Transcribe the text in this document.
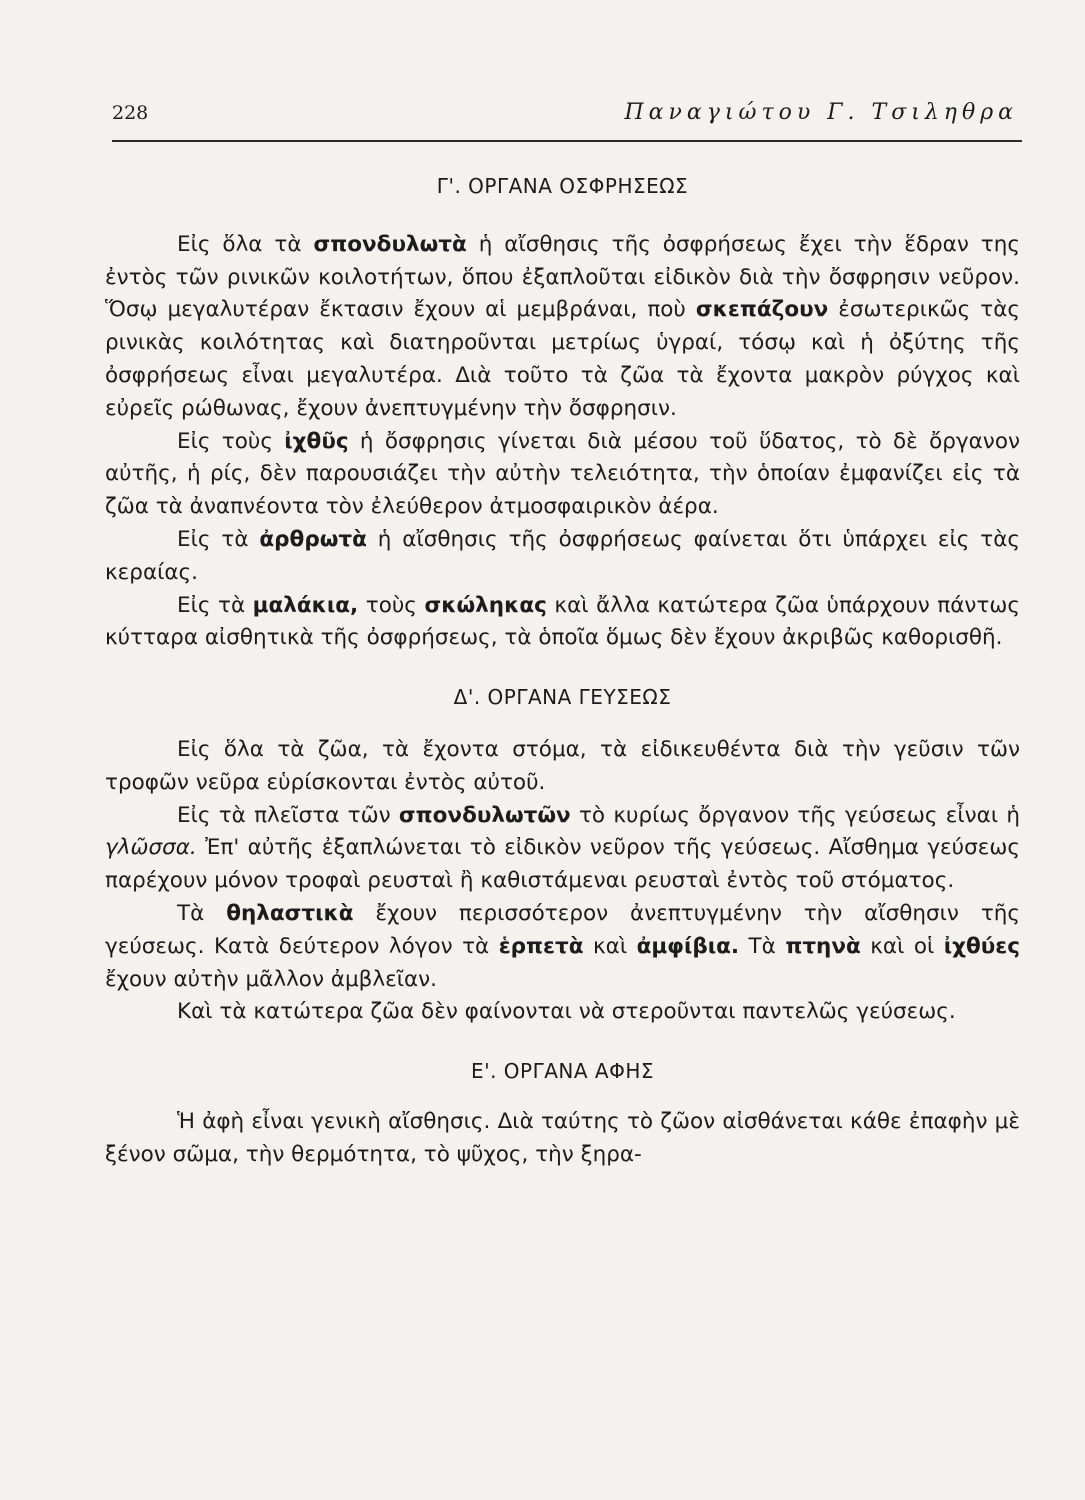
228	Παναγιώτου Γ. Τσιληθρα
Γ'. ΟΡΓΑΝΑ ΟΣΦΡΗΣΕΩΣ

Εἰς ὅλα τὰ σπονδυλωτὰ ἡ αἴσθησις τῆς ὀσφρήσεως ἔχει τὴν ἕδραν της ἐντὸς τῶν ρινικῶν κοιλοτήτων, ὅπου ἐξαπλοῦται εἰδικὸν διὰ τὴν ὄσφρησιν νεῦρον. Ὅσῳ μεγαλυτέραν ἔκτασιν ἔχουν αἱ μεμβράναι, ποὺ σκεπάζουν ἐσωτερικῶς τὰς ρινικὰς κοιλότητας καὶ διατηροῦνται μετρίως ὑγραί, τόσῳ καὶ ἡ ὀξύτης τῆς ὀσφρήσεως εἶναι μεγαλυτέρα. Διὰ τοῦτο τὰ ζῶα τὰ ἔχοντα μακρὸν ρύγχος καὶ εὐρεῖς ρώθωνας, ἔχουν ἀνεπτυγμένην τὴν ὄσφρησιν.

Εἰς τοὺς ἰχθῦς ἡ ὄσφρησις γίνεται διὰ μέσου τοῦ ὕδατος, τὸ δὲ ὄργανον αὐτῆς, ἡ ρίς, δὲν παρουσιάζει τὴν αὐτὴν τελειότητα, τὴν ὁποίαν ἐμφανίζει εἰς τὰ ζῶα τὰ ἀναπνέοντα τὸν ἐλεύθερον ἀτμοσφαιρικὸν ἀέρα.

Εἰς τὰ ἀρθρωτὰ ἡ αἴσθησις τῆς ὀσφρήσεως φαίνεται ὅτι ὑπάρχει εἰς τὰς κεραίας.

Εἰς τὰ μαλάκια, τοὺς σκώληκας καὶ ἄλλα κατώτερα ζῶα ὑπάρχουν πάντως κύτταρα αἰσθητικὰ τῆς ὀσφρήσεως, τὰ ὁποῖα ὅμως δὲν ἔχουν ἀκριβῶς καθορισθῆ.

Δ'. ΟΡΓΑΝΑ ΓΕΥΣΕΩΣ

Εἰς ὅλα τὰ ζῶα, τὰ ἔχοντα στόμα, τὰ εἰδικευθέντα διὰ τὴν γεῦσιν τῶν τροφῶν νεῦρα εὑρίσκονται ἐντὸς αὐτοῦ.

Εἰς τὰ πλεῖστα τῶν σπονδυλωτῶν τὸ κυρίως ὄργανον τῆς γεύσεως εἶναι ἡ γλῶσσα. Ἐπ' αὐτῆς ἐξαπλώνεται τὸ εἰδικὸν νεῦρον τῆς γεύσεως. Αἴσθημα γεύσεως παρέχουν μόνον τροφαὶ ρευσταὶ ἢ καθιστάμεναι ρευσταὶ ἐντὸς τοῦ στόματος.

Τὰ θηλαστικὰ ἔχουν περισσότερον ἀνεπτυγμένην τὴν αἴσθησιν τῆς γεύσεως. Κατὰ δεύτερον λόγον τὰ ἑρπετὰ καὶ ἀμφίβια. Τὰ πτηνὰ καὶ οἱ ἰχθύες ἔχουν αὐτὴν μᾶλλον ἀμβλεῖαν.

Καὶ τὰ κατώτερα ζῶα δὲν φαίνονται νὰ στεροῦνται παντελῶς γεύσεως.

Ε'. ΟΡΓΑΝΑ ΑΦΗΣ

Ἡ ἀφὴ εἶναι γενικὴ αἴσθησις. Διὰ ταύτης τὸ ζῶον αἰσθάνεται κάθε ἐπαφὴν μὲ ξένον σῶμα, τὴν θερμότητα, τὸ ψῦχος, τὴν ξηρα-
